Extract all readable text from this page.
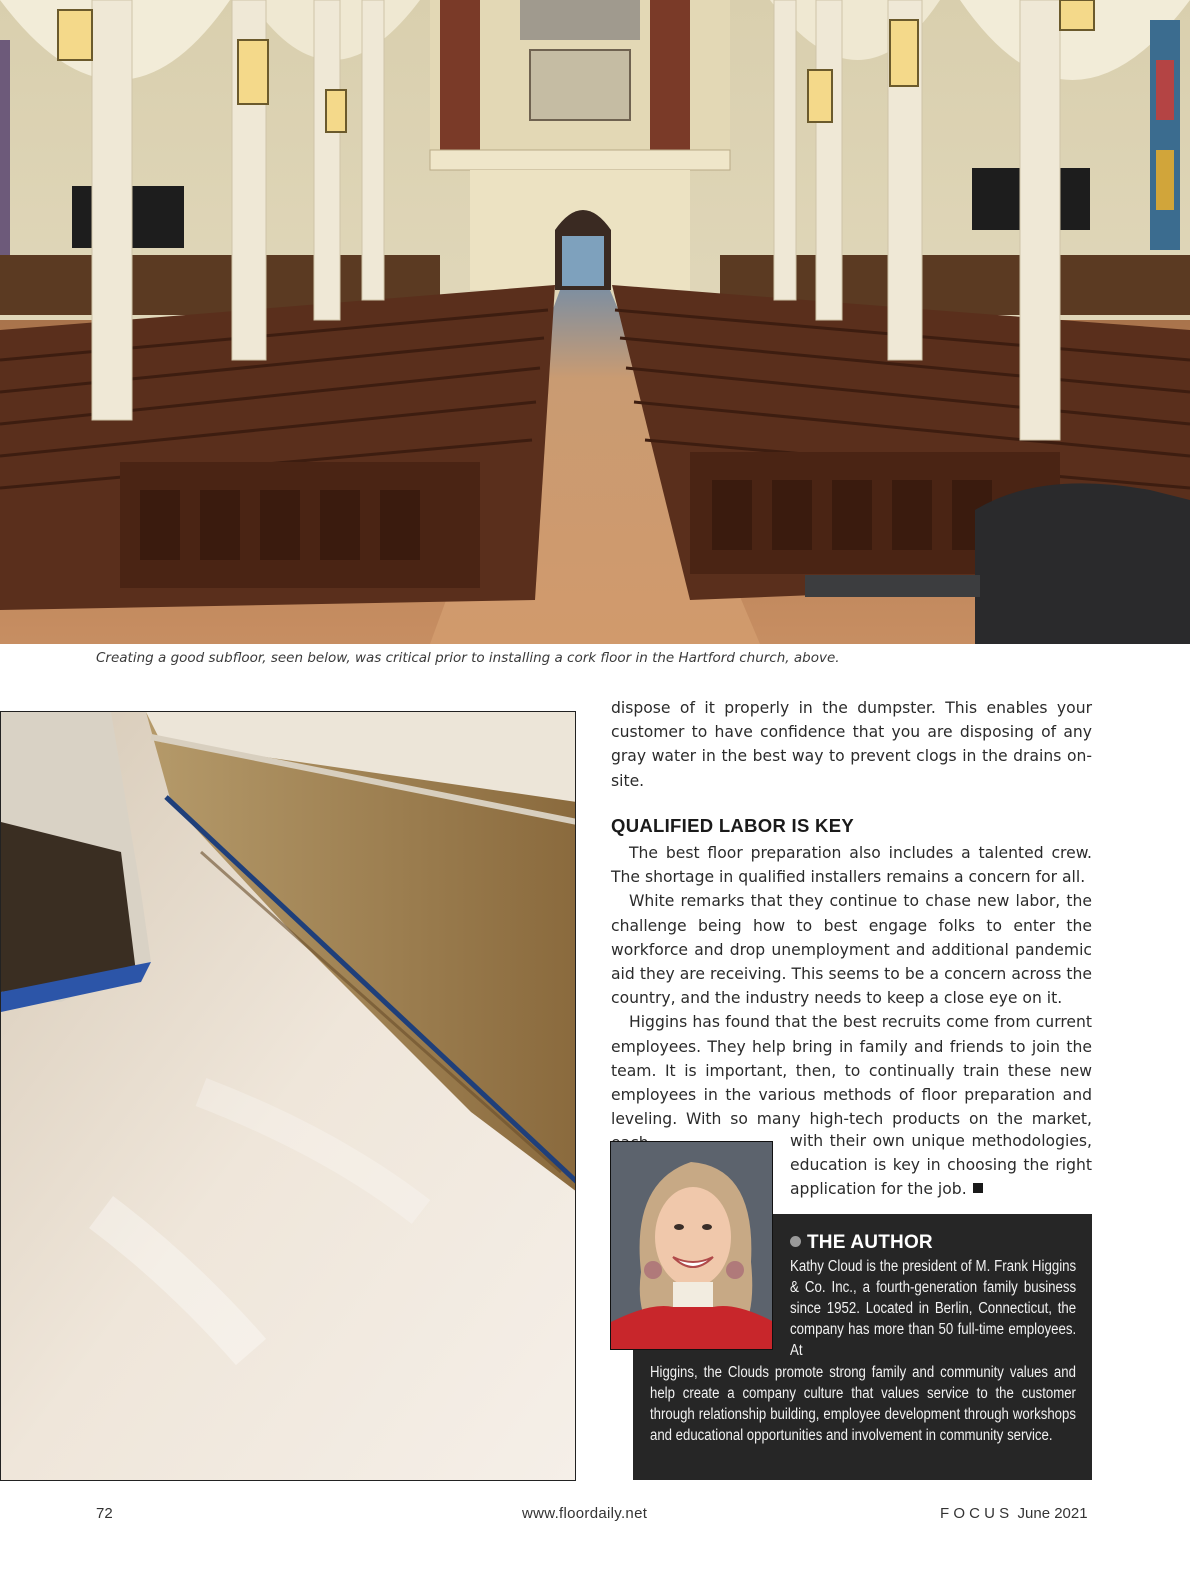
Creating a good subfloor, seen below, was critical prior to installing a cork floor in the Hartford church, above.

dispose of it properly in the dumpster. This enables your customer to have confidence that you are disposing of any gray water in the best way to prevent clogs in the drains on-site.

QUALIFIED LABOR IS KEY

The best floor preparation also includes a talented crew. The shortage in qualified installers remains a concern for all.

White remarks that they continue to chase new labor, the challenge being how to best engage folks to enter the workforce and drop unemployment and additional pandemic aid they are receiving. This seems to be a concern across the country, and the industry needs to keep a close eye on it.

Higgins has found that the best recruits come from current employees. They help bring in family and friends to join the team. It is important, then, to continually train these new employees in the various methods of floor preparation and leveling. With so many high-tech products on the market,

with their own unique methodologies, education is key in choosing the right application for the job.

THE AUTHOR

Kathy Cloud is the president of M. Frank Higgins & Co. Inc., a fourth-generation family business since 1952. Located in Berlin, Connecticut, the company has more than 50 full-time employees. At

Higgins, the Clouds promote strong family and community values and help create a company culture that values service to the customer through relationship building, employee development through workshops and educational opportunities and involvement in community service.

72	www.floordaily.net	F O C U S  June 2021
